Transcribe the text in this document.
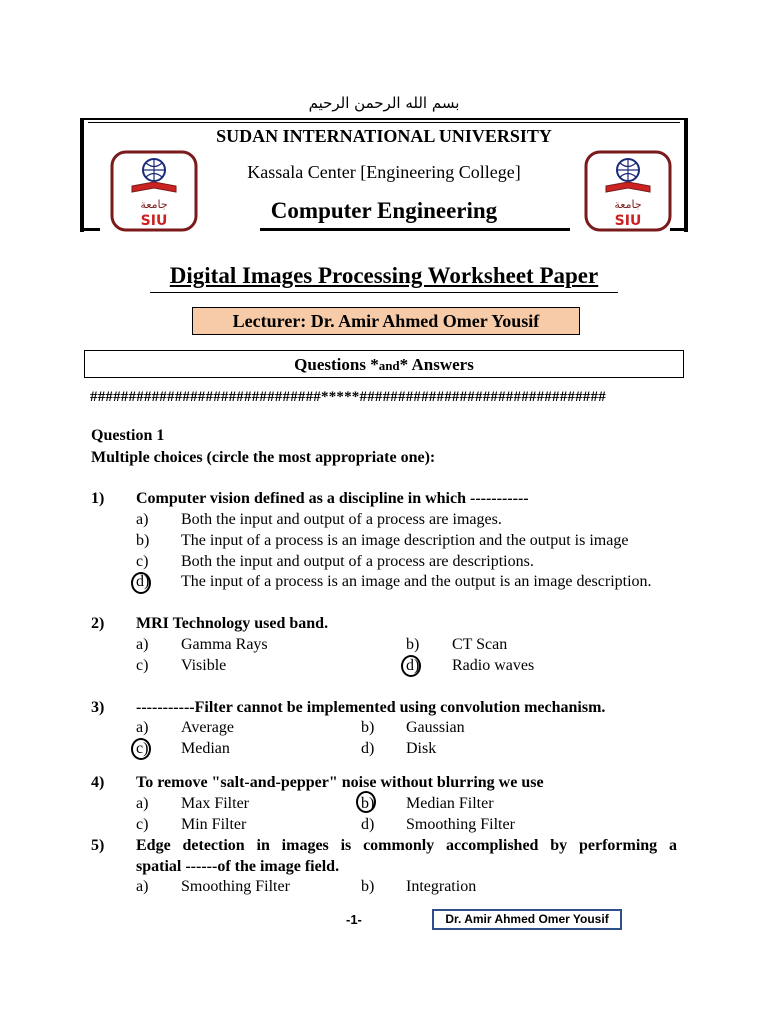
بسم الله الرحمن الرحيم
جامعة
SIU
جامعة
SIU
SUDAN INTERNATIONAL UNIVERSITY
Kassala Center [Engineering College]
Computer Engineering
Digital Images Processing Worksheet Paper
Lecturer: Dr. Amir Ahmed Omer Yousif
Questions *and* Answers
##############################*****################################
Question 1
Multiple choices (circle the most appropriate one):
1) Computer vision defined as a discipline in which -----------
a) Both the input and output of a process are images.
b) The input of a process is an image description and the output is image
c) Both the input and output of a process are descriptions.
d) The input of a process is an image and the output is an image description.
2) MRI Technology used band.
a) Gamma Rays	b) CT Scan
c) Visible	d) Radio waves
3) -----------Filter cannot be implemented using convolution mechanism.
a) Average	b) Gaussian
c) Median	d) Disk
4) To remove "salt-and-pepper" noise without blurring we use
a) Max Filter	b) Median Filter
c) Min Filter	d) Smoothing Filter
5) Edge detection in images is commonly accomplished by performing a
spatial ------of the image field.
a) Smoothing Filter	b) Integration
-1-	Dr. Amir Ahmed Omer Yousif
